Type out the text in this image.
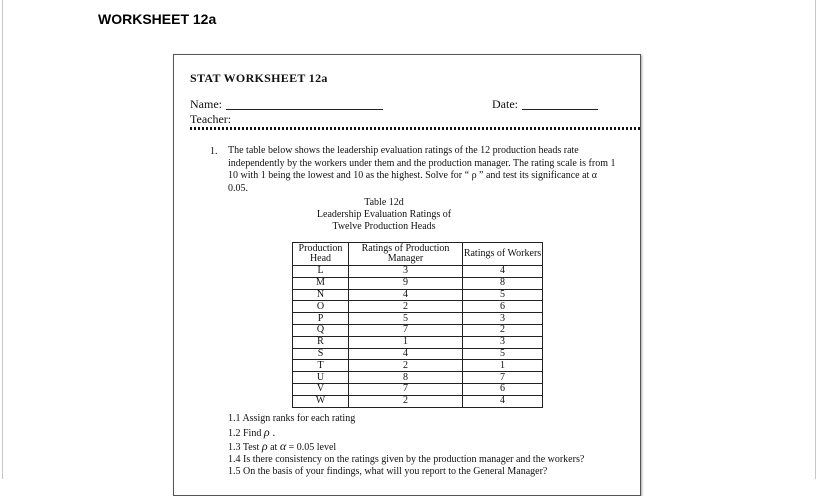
WORKSHEET 12a
STAT WORKSHEET 12a
Name:	Date:
Teacher:
1. The table below shows the leadership evaluation ratings of the 12 production heads rate
independently by the workers under them and the production manager. The rating scale is from 1
10 with 1 being the lowest and 10 as the highest. Solve for “ ρ ” and test its significance at α
0.05.
Table 12d
Leadership Evaluation Ratings of
Twelve Production Heads
Production Head	Ratings of Production Manager	Ratings of Workers
L	3	4
M	9	8
N	4	5
O	2	6
P	5	3
Q	7	2
R	1	3
S	4	5
T	2	1
U	8	7
V	7	6
W	2	4
1.1 Assign ranks for each rating
1.2 Find ρ .
1.3 Test ρ at α = 0.05 level
1.4 Is there consistency on the ratings given by the production manager and the workers?
1.5 On the basis of your findings, what will you report to the General Manager?
